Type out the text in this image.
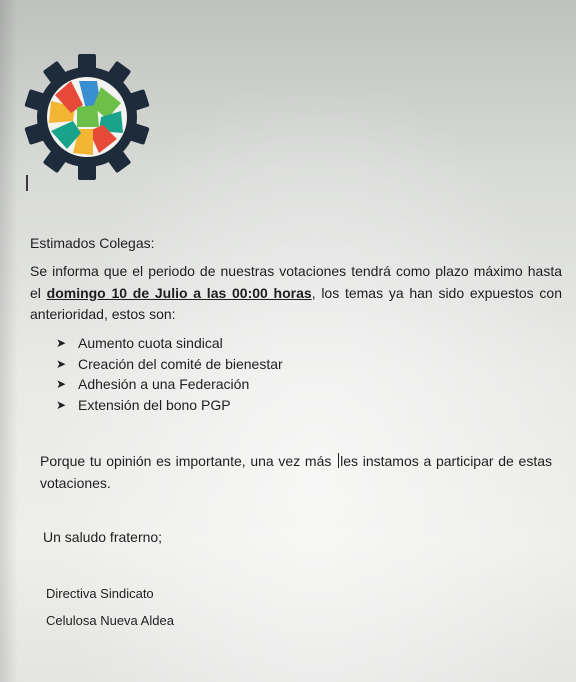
Estimados Colegas:
Se informa que el periodo de nuestras votaciones tendrá como plazo máximo hasta el domingo 10 de Julio a las 00:00 horas, los temas ya han sido expuestos con anterioridad, estos son:
➤ Aumento cuota sindical
➤ Creación del comité de bienestar
➤ Adhesión a una Federación
➤ Extensión del bono PGP
Porque tu opinión es importante, una vez más les instamos a participar de estas votaciones.
Un saludo fraterno;
Directiva Sindicato
Celulosa Nueva Aldea
